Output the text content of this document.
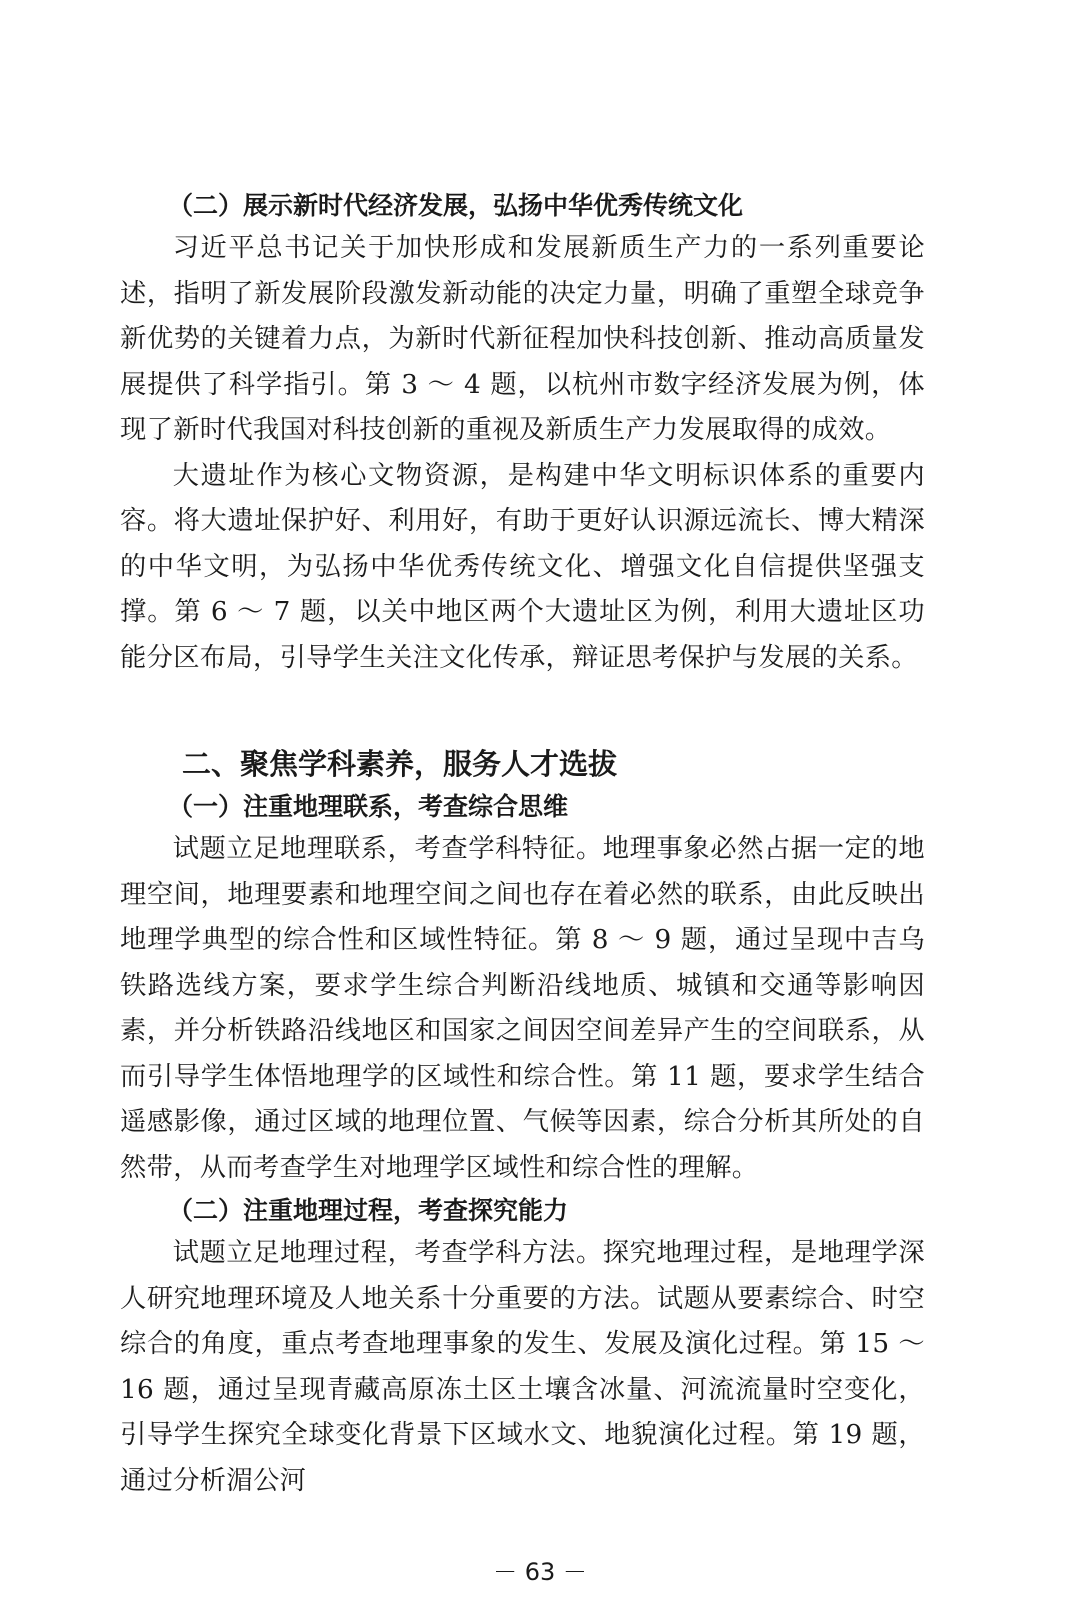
（二）展示新时代经济发展，弘扬中华优秀传统文化

习近平总书记关于加快形成和发展新质生产力的一系列重要论述，指明了新发展阶段激发新动能的决定力量，明确了重塑全球竞争新优势的关键着力点，为新时代新征程加快科技创新、推动高质量发展提供了科学指引。第 3 ～ 4 题，以杭州市数字经济发展为例，体现了新时代我国对科技创新的重视及新质生产力发展取得的成效。

大遗址作为核心文物资源，是构建中华文明标识体系的重要内容。将大遗址保护好、利用好，有助于更好认识源远流长、博大精深的中华文明，为弘扬中华优秀传统文化、增强文化自信提供坚强支撑。第 6 ～ 7 题，以关中地区两个大遗址区为例，利用大遗址区功能分区布局，引导学生关注文化传承，辩证思考保护与发展的关系。

二、聚焦学科素养，服务人才选拔
（一）注重地理联系，考查综合思维

试题立足地理联系，考查学科特征。地理事象必然占据一定的地理空间，地理要素和地理空间之间也存在着必然的联系，由此反映出地理学典型的综合性和区域性特征。第 8 ～ 9 题，通过呈现中吉乌铁路选线方案，要求学生综合判断沿线地质、城镇和交通等影响因素，并分析铁路沿线地区和国家之间因空间差异产生的空间联系，从而引导学生体悟地理学的区域性和综合性。第 11 题，要求学生结合遥感影像，通过区域的地理位置、气候等因素，综合分析其所处的自然带，从而考查学生对地理学区域性和综合性的理解。

（二）注重地理过程，考查探究能力

试题立足地理过程，考查学科方法。探究地理过程，是地理学深人研究地理环境及人地关系十分重要的方法。试题从要素综合、时空综合的角度，重点考查地理事象的发生、发展及演化过程。第 15 ～ 16 题，通过呈现青藏高原冻土区土壤含冰量、河流流量时空变化，引导学生探究全球变化背景下区域水文、地貌演化过程。第 19 题，通过分析湄公河

－ 63 －
